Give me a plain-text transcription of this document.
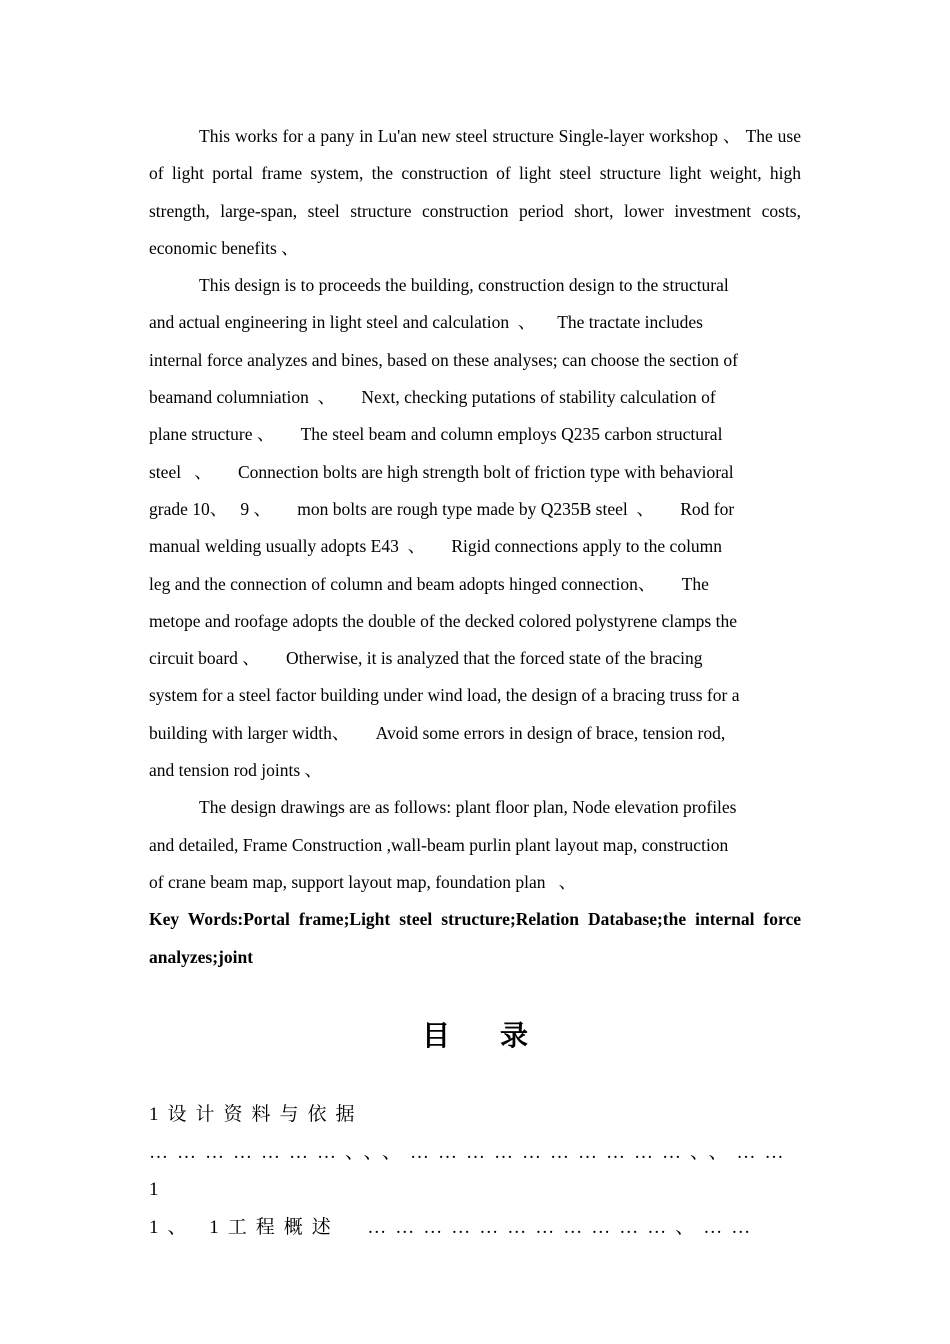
This works for a pany in Lu'an new steel structure Single-layer workshop 、 The use of light portal frame system, the construction of light steel structure light weight, high strength, large-span, steel structure construction period short, lower investment costs, economic benefits 、

This design is to proceeds the building, construction design to the structural
and actual engineering in light steel and calculation  、     The tractate includes
internal force analyzes and bines, based on these analyses; can choose the section of
beamand columniation  、      Next, checking putations of stability calculation of
plane structure 、      The steel beam and column employs Q235 carbon structural
steel   、      Connection bolts are high strength bolt of friction type with behavioral
grade 10、   9 、      mon bolts are rough type made by Q235B steel  、      Rod for
manual welding usually adopts E43  、      Rigid connections apply to the column
leg and the connection of column and beam adopts hinged connection、      The
metope and roofage adopts the double of the decked colored polystyrene clamps the
circuit board 、      Otherwise, it is analyzed that the forced state of the bracing
system for a steel factor building under wind load, the design of a bracing truss for a
building with larger width、      Avoid some errors in design of brace, tension rod,
and tension rod joints 、

The design drawings are as follows: plant floor plan, Node elevation profiles
and detailed, Frame Construction ,wall-beam purlin plant layout map, construction
of crane beam map, support layout map, foundation plan   、

Key Words:Portal frame;Light steel structure;Relation Database;the internal force analyzes;joint

目录

1设计资料与依据  …………………、、、…………………………、、……1

1、 1工程概述  ……………………………、……
